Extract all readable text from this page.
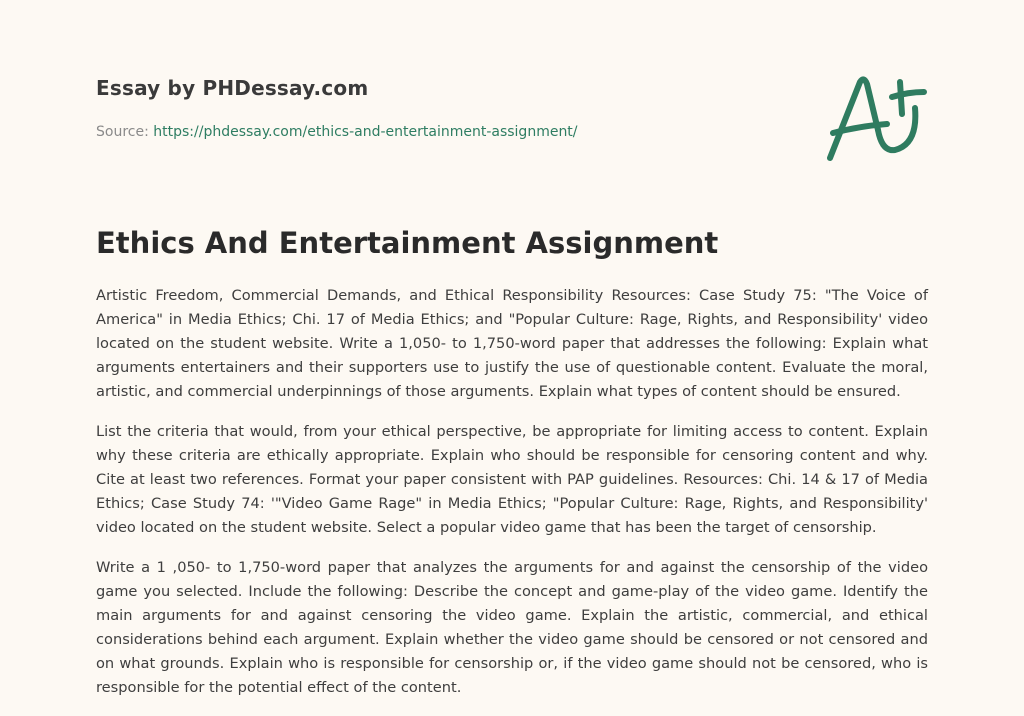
Essay by PHDessay.com
Source: https://phdessay.com/ethics-and-entertainment-assignment/
Ethics And Entertainment Assignment

Artistic Freedom, Commercial Demands, and Ethical Responsibility Resources: Case Study 75: "The Voice of America" in Media Ethics; Chi. 17 of Media Ethics; and "Popular Culture: Rage, Rights, and Responsibility' video located on the student website. Write a 1,050- to 1,750-word paper that addresses the following: Explain what arguments entertainers and their supporters use to justify the use of questionable content. Evaluate the moral, artistic, and commercial underpinnings of those arguments. Explain what types of content should be ensured.

List the criteria that would, from your ethical perspective, be appropriate for limiting access to content. Explain why these criteria are ethically appropriate. Explain who should be responsible for censoring content and why. Cite at least two references. Format your paper consistent with PAP guidelines. Resources: Chi. 14 & 17 of Media Ethics; Case Study 74: '"Video Game Rage" in Media Ethics; "Popular Culture: Rage, Rights, and Responsibility' video located on the student website. Select a popular video game that has been the target of censorship.

Write a 1 ,050- to 1,750-word paper that analyzes the arguments for and against the censorship of the video game you selected. Include the following: Describe the concept and game-play of the video game. Identify the main arguments for and against censoring the video game. Explain the artistic, commercial, and ethical considerations behind each argument. Explain whether the video game should be censored or not censored and on what grounds. Explain who is responsible for censorship or, if the video game should not be censored, who is responsible for the potential effect of the content.
